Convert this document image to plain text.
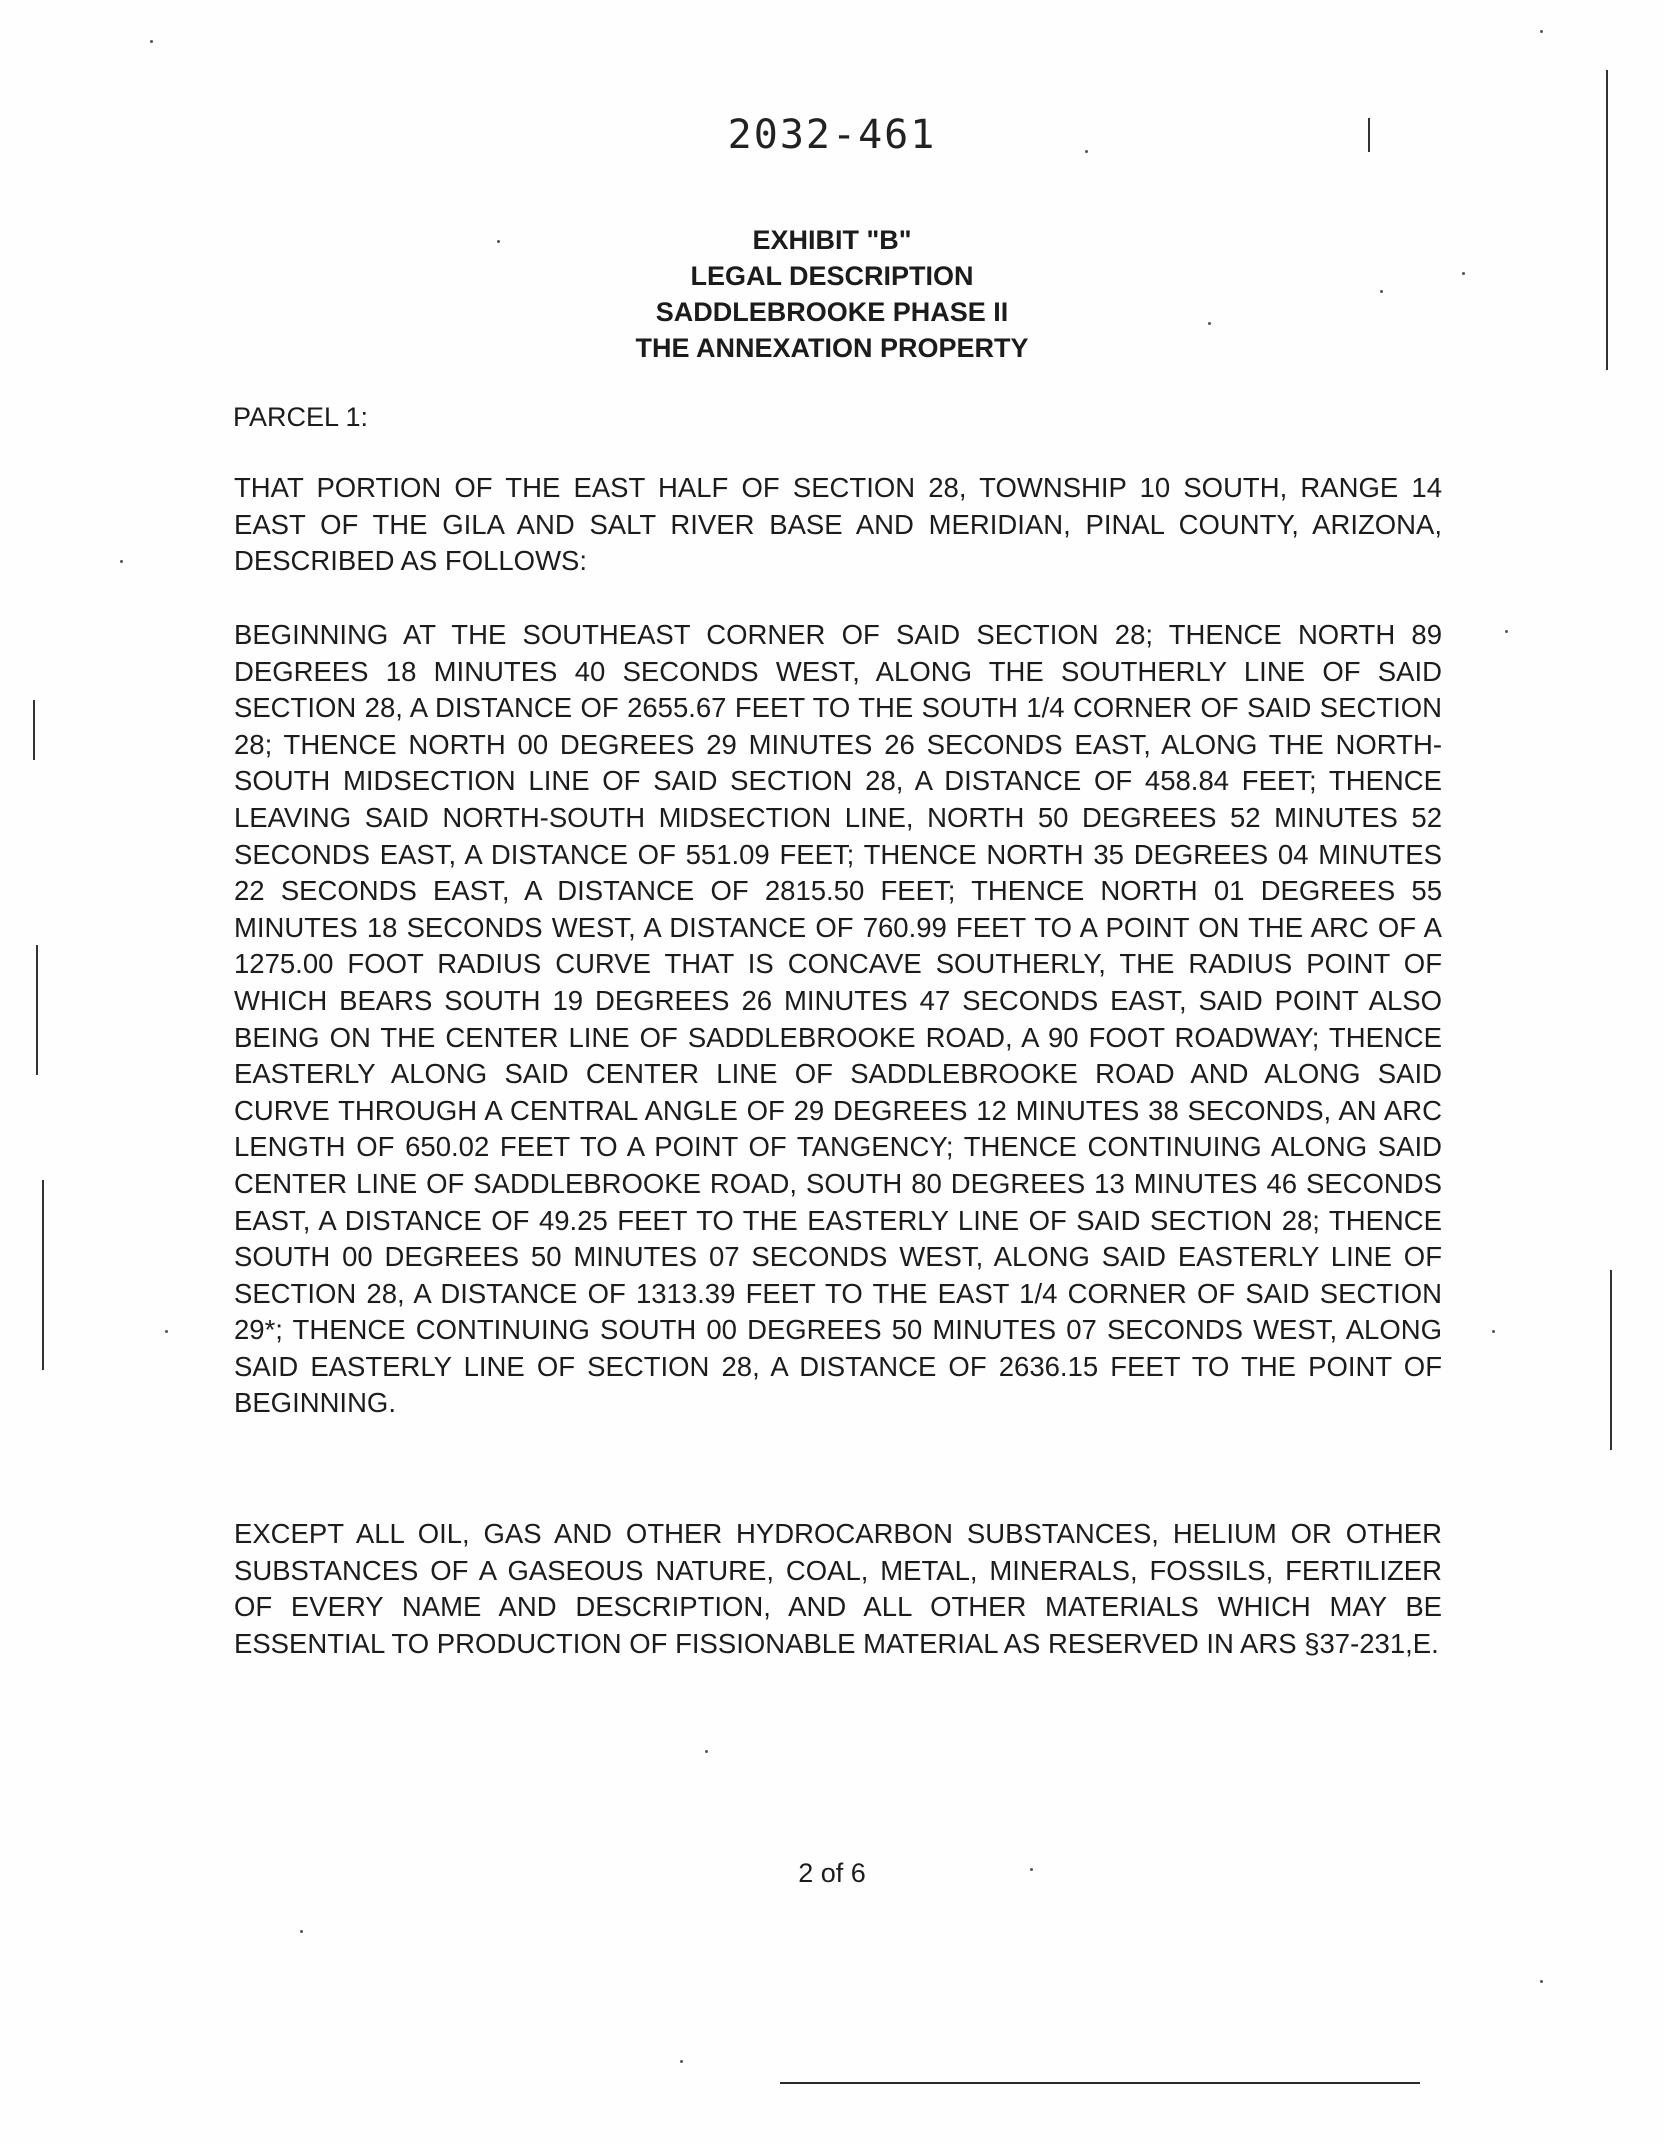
2032-461
EXHIBIT "B"
LEGAL DESCRIPTION
SADDLEBROOKE PHASE II
THE ANNEXATION PROPERTY
PARCEL 1:
THAT PORTION OF THE EAST HALF OF SECTION 28, TOWNSHIP 10 SOUTH, RANGE 14 EAST OF THE GILA AND SALT RIVER BASE AND MERIDIAN, PINAL COUNTY, ARIZONA, DESCRIBED AS FOLLOWS:
BEGINNING AT THE SOUTHEAST CORNER OF SAID SECTION 28; THENCE NORTH 89 DEGREES 18 MINUTES 40 SECONDS WEST, ALONG THE SOUTHERLY LINE OF SAID SECTION 28, A DISTANCE OF 2655.67 FEET TO THE SOUTH 1/4 CORNER OF SAID SECTION 28; THENCE NORTH 00 DEGREES 29 MINUTES 26 SECONDS EAST, ALONG THE NORTH-SOUTH MIDSECTION LINE OF SAID SECTION 28, A DISTANCE OF 458.84 FEET; THENCE LEAVING SAID NORTH-SOUTH MIDSECTION LINE, NORTH 50 DEGREES 52 MINUTES 52 SECONDS EAST, A DISTANCE OF 551.09 FEET; THENCE NORTH 35 DEGREES 04 MINUTES 22 SECONDS EAST, A DISTANCE OF 2815.50 FEET; THENCE NORTH 01 DEGREES 55 MINUTES 18 SECONDS WEST, A DISTANCE OF 760.99 FEET TO A POINT ON THE ARC OF A 1275.00 FOOT RADIUS CURVE THAT IS CONCAVE SOUTHERLY, THE RADIUS POINT OF WHICH BEARS SOUTH 19 DEGREES 26 MINUTES 47 SECONDS EAST, SAID POINT ALSO BEING ON THE CENTER LINE OF SADDLEBROOKE ROAD, A 90 FOOT ROADWAY; THENCE EASTERLY ALONG SAID CENTER LINE OF SADDLEBROOKE ROAD AND ALONG SAID CURVE THROUGH A CENTRAL ANGLE OF 29 DEGREES 12 MINUTES 38 SECONDS, AN ARC LENGTH OF 650.02 FEET TO A POINT OF TANGENCY; THENCE CONTINUING ALONG SAID CENTER LINE OF SADDLEBROOKE ROAD, SOUTH 80 DEGREES 13 MINUTES 46 SECONDS EAST, A DISTANCE OF 49.25 FEET TO THE EASTERLY LINE OF SAID SECTION 28; THENCE SOUTH 00 DEGREES 50 MINUTES 07 SECONDS WEST, ALONG SAID EASTERLY LINE OF SECTION 28, A DISTANCE OF 1313.39 FEET TO THE EAST 1/4 CORNER OF SAID SECTION 29*; THENCE CONTINUING SOUTH 00 DEGREES 50 MINUTES 07 SECONDS WEST, ALONG SAID EASTERLY LINE OF SECTION 28, A DISTANCE OF 2636.15 FEET TO THE POINT OF BEGINNING.
EXCEPT ALL OIL, GAS AND OTHER HYDROCARBON SUBSTANCES, HELIUM OR OTHER SUBSTANCES OF A GASEOUS NATURE, COAL, METAL, MINERALS, FOSSILS, FERTILIZER OF EVERY NAME AND DESCRIPTION, AND ALL OTHER MATERIALS WHICH MAY BE ESSENTIAL TO PRODUCTION OF FISSIONABLE MATERIAL AS RESERVED IN ARS §37-231,E.
2 of 6
